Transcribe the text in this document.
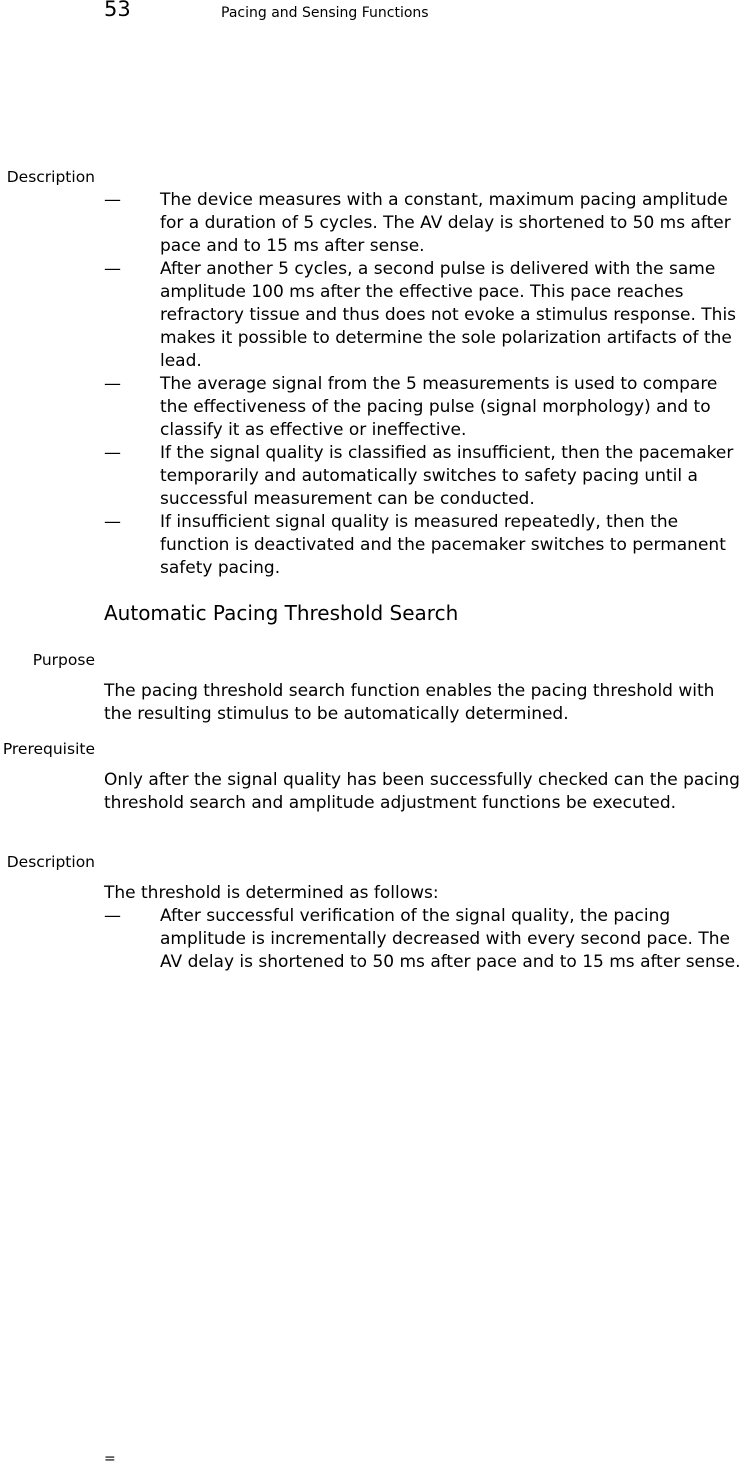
53	Pacing and Sensing Functions
Description
— The device measures with a constant, maximum pacing amplitude for a duration of 5 cycles. The AV delay is shortened to 50 ms after pace and to 15 ms after sense.
— After another 5 cycles, a second pulse is delivered with the same amplitude 100 ms after the effective pace. This pace reaches refractory tissue and thus does not evoke a stimulus response. This makes it possible to determine the sole polarization artifacts of the lead.
— The average signal from the 5 measurements is used to compare the effectiveness of the pacing pulse (signal morphology) and to classify it as effective or ineffective.
— If the signal quality is classified as insufficient, then the pacemaker temporarily and automatically switches to safety pacing until a successful measurement can be conducted.
— If insufficient signal quality is measured repeatedly, then the function is deactivated and the pacemaker switches to permanent safety pacing.
Automatic Pacing Threshold Search
Purpose

The pacing threshold search function enables the pacing threshold with the resulting stimulus to be automatically determined.

Prerequisite

Only after the signal quality has been successfully checked can the pacing threshold search and amplitude adjustment functions be executed.

Description

The threshold is determined as follows:

— After successful verification of the signal quality, the pacing amplitude is incrementally decreased with every second pace. The AV delay is shortened to 50 ms after pace and to 15 ms after sense.
=
